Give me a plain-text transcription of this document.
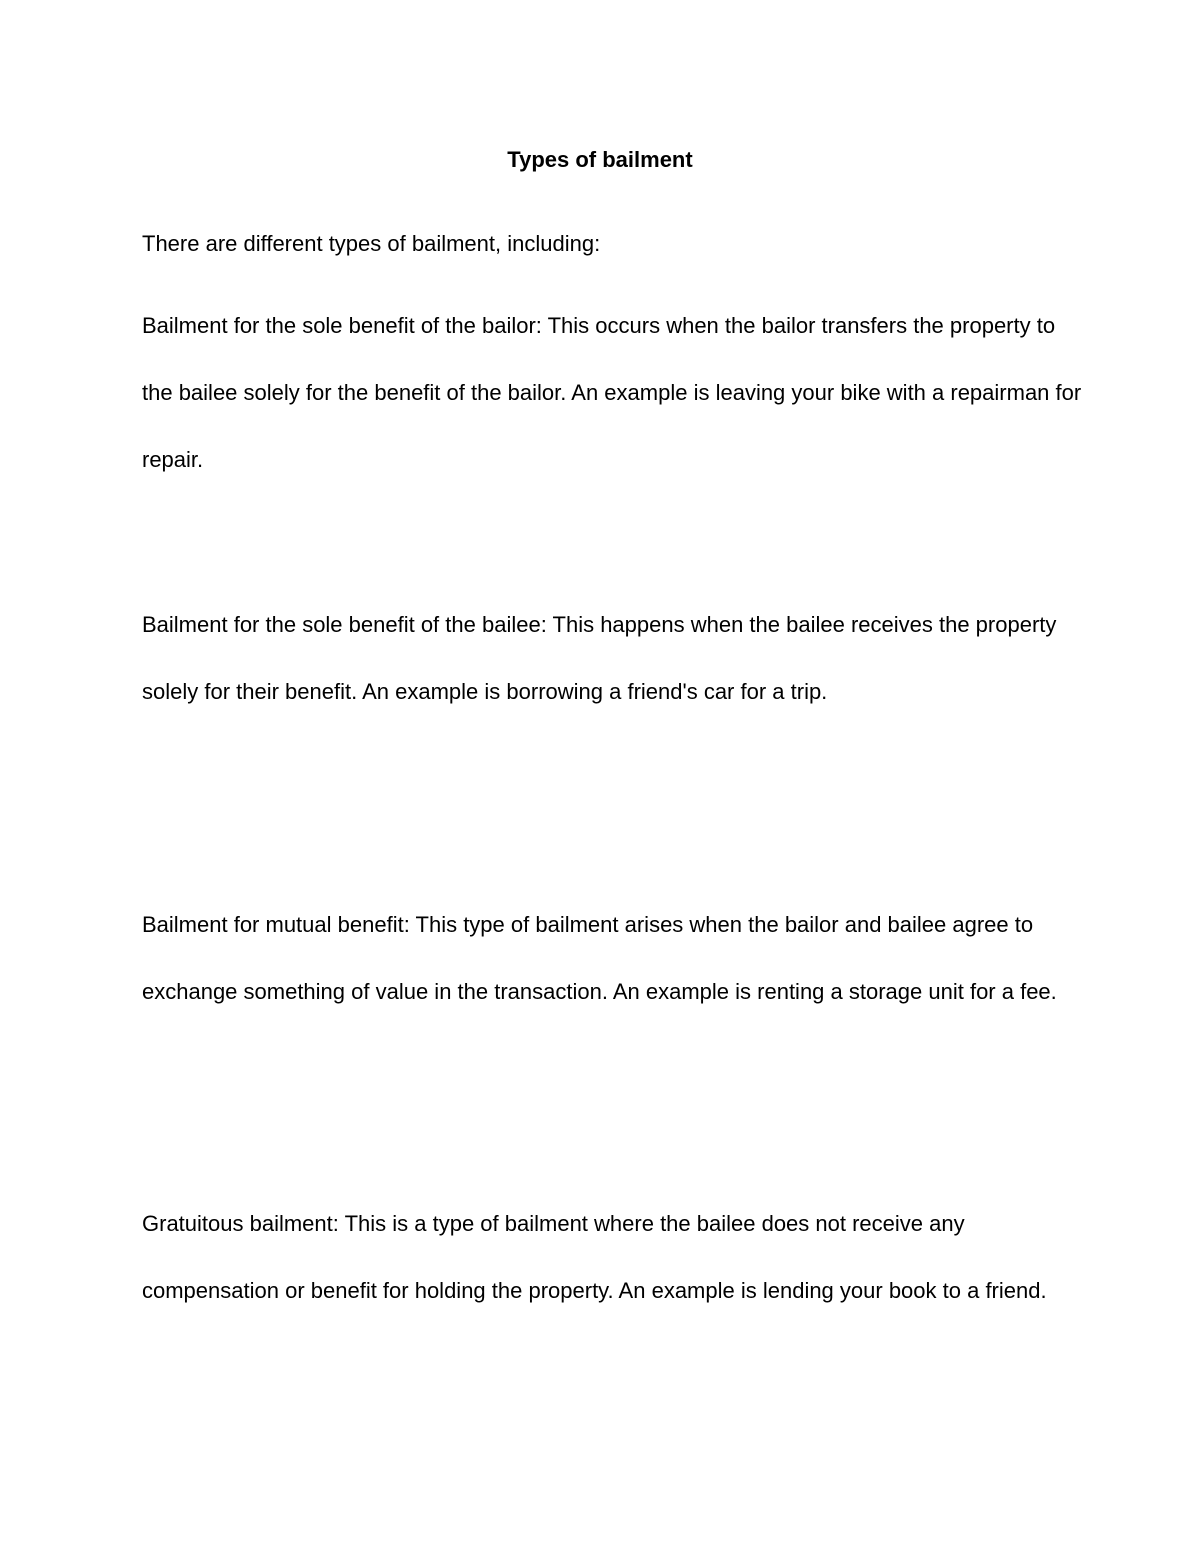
Types of bailment

There are different types of bailment, including:

Bailment for the sole benefit of the bailor: This occurs when the bailor transfers the property to the bailee solely for the benefit of the bailor. An example is leaving your bike with a repairman for repair.

Bailment for the sole benefit of the bailee: This happens when the bailee receives the property solely for their benefit. An example is borrowing a friend's car for a trip.

Bailment for mutual benefit: This type of bailment arises when the bailor and bailee agree to exchange something of value in the transaction. An example is renting a storage unit for a fee.

Gratuitous bailment: This is a type of bailment where the bailee does not receive any compensation or benefit for holding the property. An example is lending your book to a friend.
